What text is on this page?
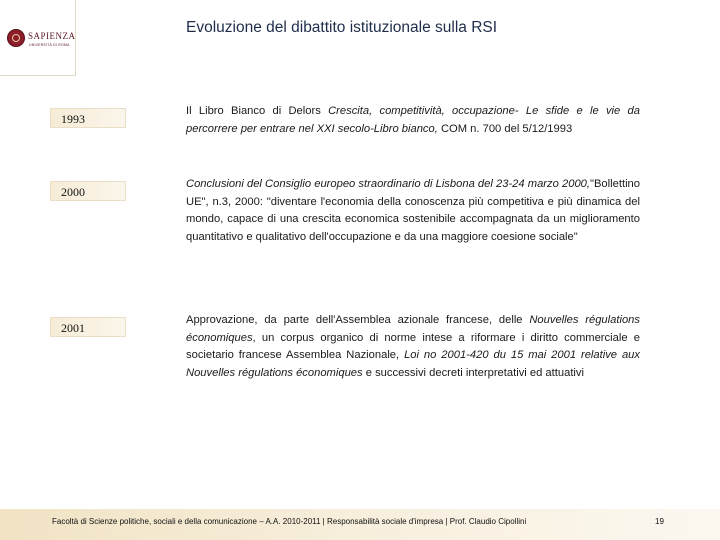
SAPIENZA
UNIVERSITÀ DI ROMA
Evoluzione del dibattito istituzionale sulla RSI
1993
Il Libro Bianco di Delors Crescita, competitività, occupazione- Le sfide e le vie da percorrere per entrare nel XXI secolo-Libro bianco, COM n. 700 del 5/12/1993
2000
Conclusioni del Consiglio europeo straordinario di Lisbona del 23-24 marzo 2000,"Bollettino UE", n.3, 2000: "diventare l'economia della conoscenza più competitiva e più dinamica del mondo, capace di una crescita economica sostenibile accompagnata da un miglioramento quantitativo e qualitativo dell'occupazione e da una maggiore coesione sociale"
2001
Approvazione, da parte dell'Assemblea azionale francese, delle Nouvelles régulations économiques, un corpus organico di norme intese a riformare i diritto commerciale e societario francese Assemblea Nazionale, Loi no 2001-420 du 15 mai 2001 relative aux Nouvelles régulations économiques e successivi decreti interpretativi ed attuativi
Facoltà di Scienze politiche, sociali e della comunicazione – A.A. 2010-2011 | Responsabilità sociale d'impresa | Prof. Claudio Cipollini	19
